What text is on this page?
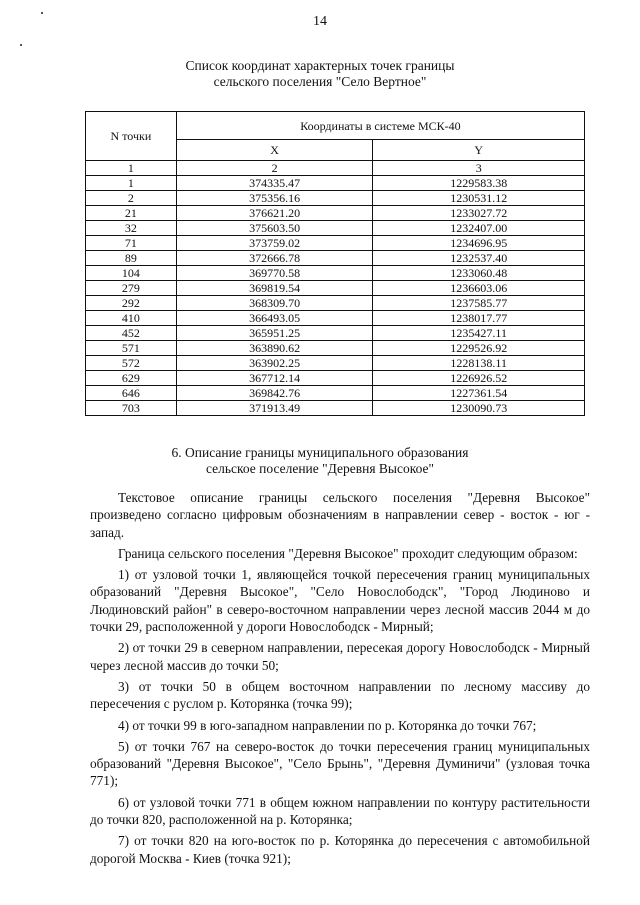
14
Список координат характерных точек границы
сельского поселения "Село Вертное"
N точки	Координаты в системе МСК-40	
	X	Y
1	2	3
1	374335.47	1229583.38
2	375356.16	1230531.12
21	376621.20	1233027.72
32	375603.50	1232407.00
71	373759.02	1234696.95
89	372666.78	1232537.40
104	369770.58	1233060.48
279	369819.54	1236603.06
292	368309.70	1237585.77
410	366493.05	1238017.77
452	365951.25	1235427.11
571	363890.62	1229526.92
572	363902.25	1228138.11
629	367712.14	1226926.52
646	369842.76	1227361.54
703	371913.49	1230090.73
6. Описание границы муниципального образования
сельское поселение "Деревня Высокое"

Текстовое описание границы сельского поселения "Деревня Высокое" произведено согласно цифровым обозначениям в направлении север - восток - юг - запад.

Граница сельского поселения "Деревня Высокое" проходит следующим образом:

1) от узловой точки 1, являющейся точкой пересечения границ муниципальных образований "Деревня Высокое", "Село Новослободск", "Город Людиново и Людиновский район" в северо-восточном направлении через лесной массив 2044 м до точки 29, расположенной у дороги Новослободск - Мирный;

2) от точки 29 в северном направлении, пересекая дорогу Новослободск - Мирный через лесной массив до точки 50;

3) от точки 50 в общем восточном направлении по лесному массиву до пересечения с руслом р. Которянка (точка 99);

4) от точки 99 в юго-западном направлении по р. Которянка до точки 767;

5) от точки 767 на северо-восток до точки пересечения границ муниципальных образований "Деревня Высокое", "Село Брынь", "Деревня Думиничи" (узловая точка 771);

6) от узловой точки 771 в общем южном направлении по контуру растительности до точки 820, расположенной на р. Которянка;

7) от точки 820 на юго-восток по р. Которянка до пересечения с автомобильной дорогой Москва - Киев (точка 921);
